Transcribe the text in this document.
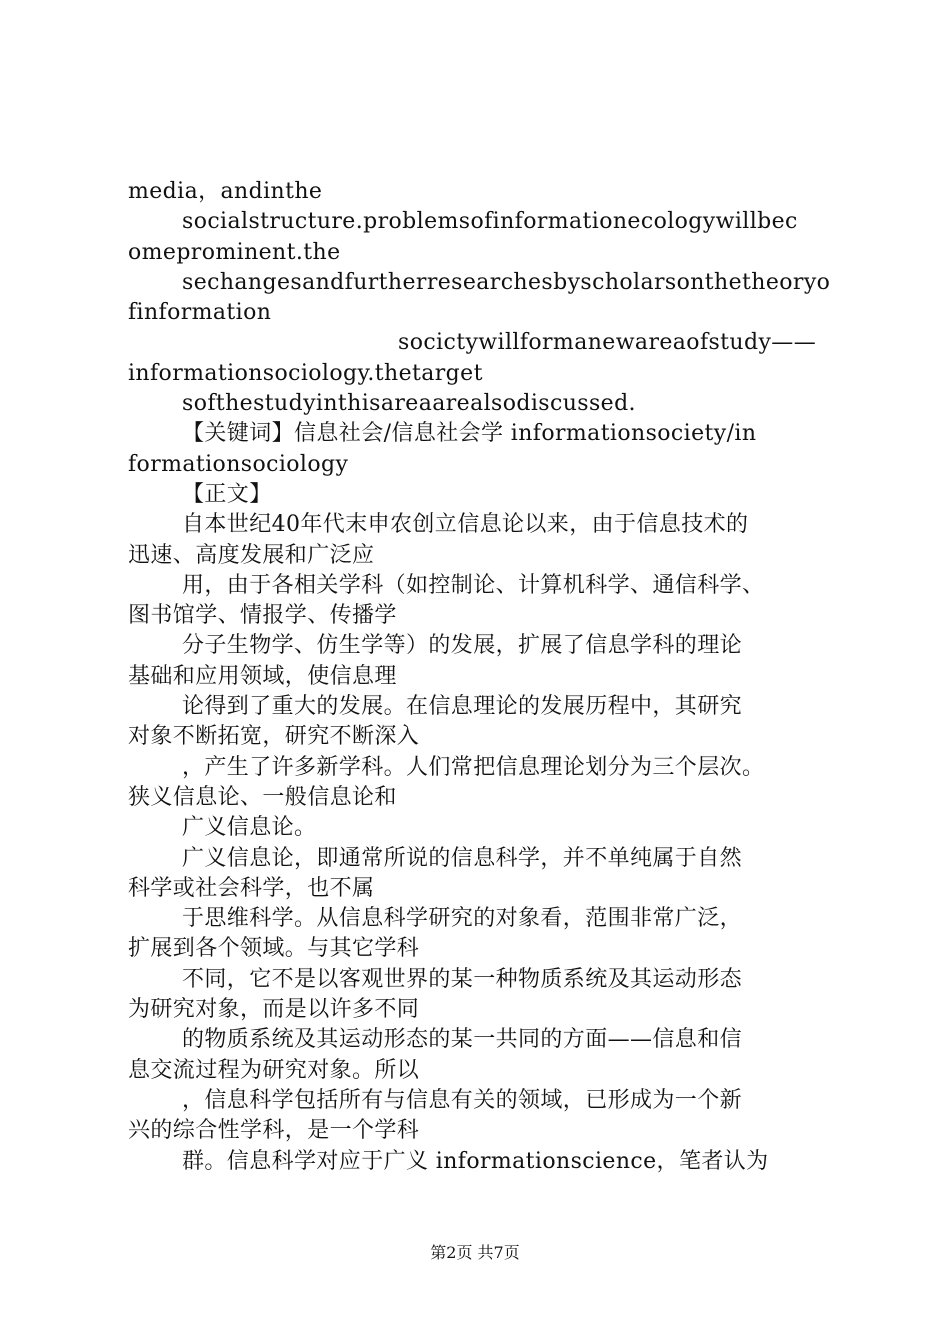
media，andinthe
socialstructure.problemsofinformationecologywillbec
omeprominent.the
sechangesandfurtherresearchesbyscholarsonthetheoryo
finformation
socictywillformanewareaofstudy——
informationsociology.thetarget
softhestudyinthisareaarealsodiscussed.
【关键词】信息社会/信息社会学 informationsociety/in
formationsociology
【正文】
自本世纪40年代末申农创立信息论以来，由于信息技术的
迅速、高度发展和广泛应
用，由于各相关学科（如控制论、计算机科学、通信科学、
图书馆学、情报学、传播学
分子生物学、仿生学等）的发展，扩展了信息学科的理论
基础和应用领域，使信息理
论得到了重大的发展。在信息理论的发展历程中，其研究
对象不断拓宽，研究不断深入
，产生了许多新学科。人们常把信息理论划分为三个层次。
狭义信息论、一般信息论和
广义信息论。
广义信息论，即通常所说的信息科学，并不单纯属于自然
科学或社会科学，也不属
于思维科学。从信息科学研究的对象看，范围非常广泛，
扩展到各个领域。与其它学科
不同，它不是以客观世界的某一种物质系统及其运动形态
为研究对象，而是以许多不同
的物质系统及其运动形态的某一共同的方面——信息和信
息交流过程为研究对象。所以
，信息科学包括所有与信息有关的领域，已形成为一个新
兴的综合性学科，是一个学科
群。信息科学对应于广义 informationscience，笔者认为
第2页 共7页
